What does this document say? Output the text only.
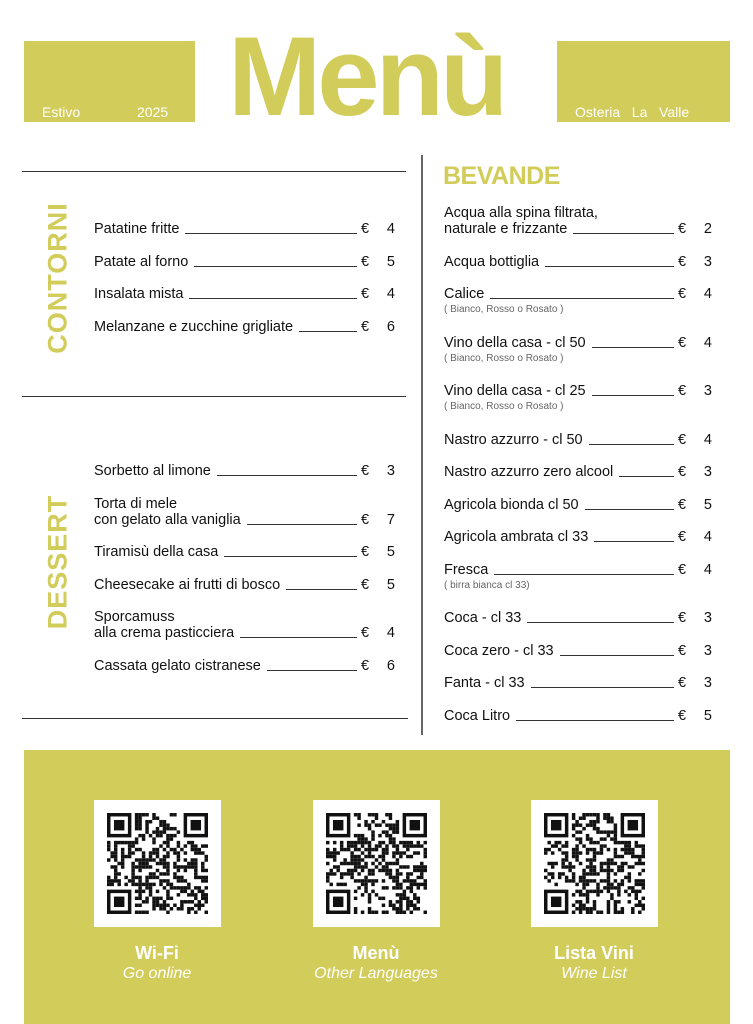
Estivo	2025 Menù	Osteria   La   Valle
CONTORNI
DESSERT
BEVANDE
Patatine fritte	€	4
Patate al forno	€	5
Insalata mista	€	4
Melanzane e zucchine grigliate	€	6
Sorbetto al limone	€	3
Torta di mele
con gelato alla vaniglia	€	7
Tiramisù della casa	€	5
Cheesecake ai frutti di bosco	€	5
Sporcamuss
alla crema pasticciera	€	4
Cassata gelato cistranese	€	6
Acqua alla spina filtrata,
naturale e frizzante	€	2
Acqua bottiglia	€	3
Calice	€	4
( Bianco, Rosso o Rosato )
Vino della casa - cl 50	€	4
( Bianco, Rosso o Rosato )
Vino della casa - cl 25	€	3
( Bianco, Rosso o Rosato )
Nastro azzurro - cl 50	€	4
Nastro azzurro zero alcool	€	3
Agricola bionda cl 50	€	5
Agricola ambrata cl 33	€	4
Fresca	€	4
( birra bianca cl 33)
Coca - cl 33	€	3
Coca zero - cl 33	€	3
Fanta - cl 33	€	3
Coca Litro	€	5
Wi-Fi
Go online
Menù
Other Languages
Lista Vini
Wine List
